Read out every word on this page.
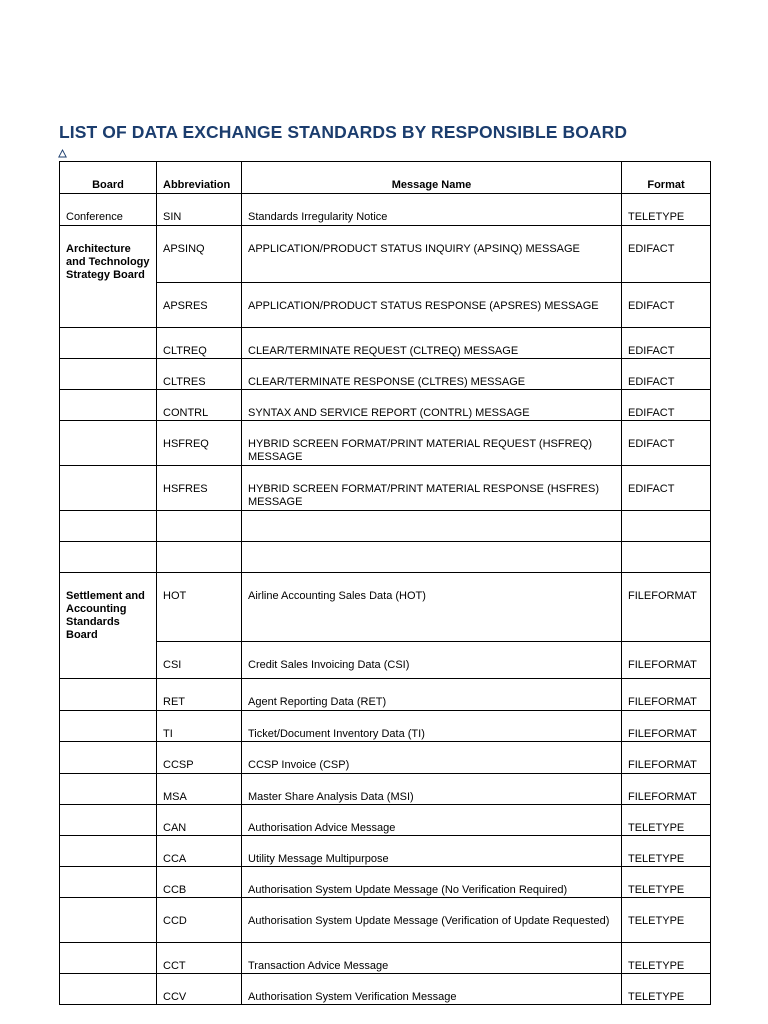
LIST OF DATA EXCHANGE STANDARDS BY RESPONSIBLE BOARD
Board	Abbreviation	Message Name	Format
Conference	SIN	Standards Irregularity Notice	TELETYPE
Architecture and Technology Strategy Board	APSINQ	APPLICATION/PRODUCT STATUS INQUIRY (APSINQ) MESSAGE	EDIFACT
	APSRES	APPLICATION/PRODUCT STATUS RESPONSE (APSRES) MESSAGE	EDIFACT
	CLTREQ	CLEAR/TERMINATE REQUEST (CLTREQ) MESSAGE	EDIFACT
	CLTRES	CLEAR/TERMINATE RESPONSE (CLTRES) MESSAGE	EDIFACT
	CONTRL	SYNTAX AND SERVICE REPORT (CONTRL) MESSAGE	EDIFACT
	HSFREQ	HYBRID SCREEN FORMAT/PRINT MATERIAL REQUEST (HSFREQ) MESSAGE	EDIFACT
	HSFRES	HYBRID SCREEN FORMAT/PRINT MATERIAL RESPONSE (HSFRES) MESSAGE	EDIFACT

Settlement and Accounting Standards Board	HOT	Airline Accounting Sales Data (HOT)	FILEFORMAT
	CSI	Credit Sales Invoicing Data (CSI)	FILEFORMAT
	RET	Agent Reporting Data (RET)	FILEFORMAT
	TI	Ticket/Document Inventory Data (TI)	FILEFORMAT
	CCSP	CCSP Invoice (CSP)	FILEFORMAT
	MSA	Master Share Analysis Data (MSI)	FILEFORMAT
	CAN	Authorisation Advice Message	TELETYPE
	CCA	Utility Message Multipurpose	TELETYPE
	CCB	Authorisation System Update Message (No Verification Required)	TELETYPE
	CCD	Authorisation System Update Message (Verification of Update Requested)	TELETYPE
	CCT	Transaction Advice Message	TELETYPE
	CCV	Authorisation System Verification Message	TELETYPE
